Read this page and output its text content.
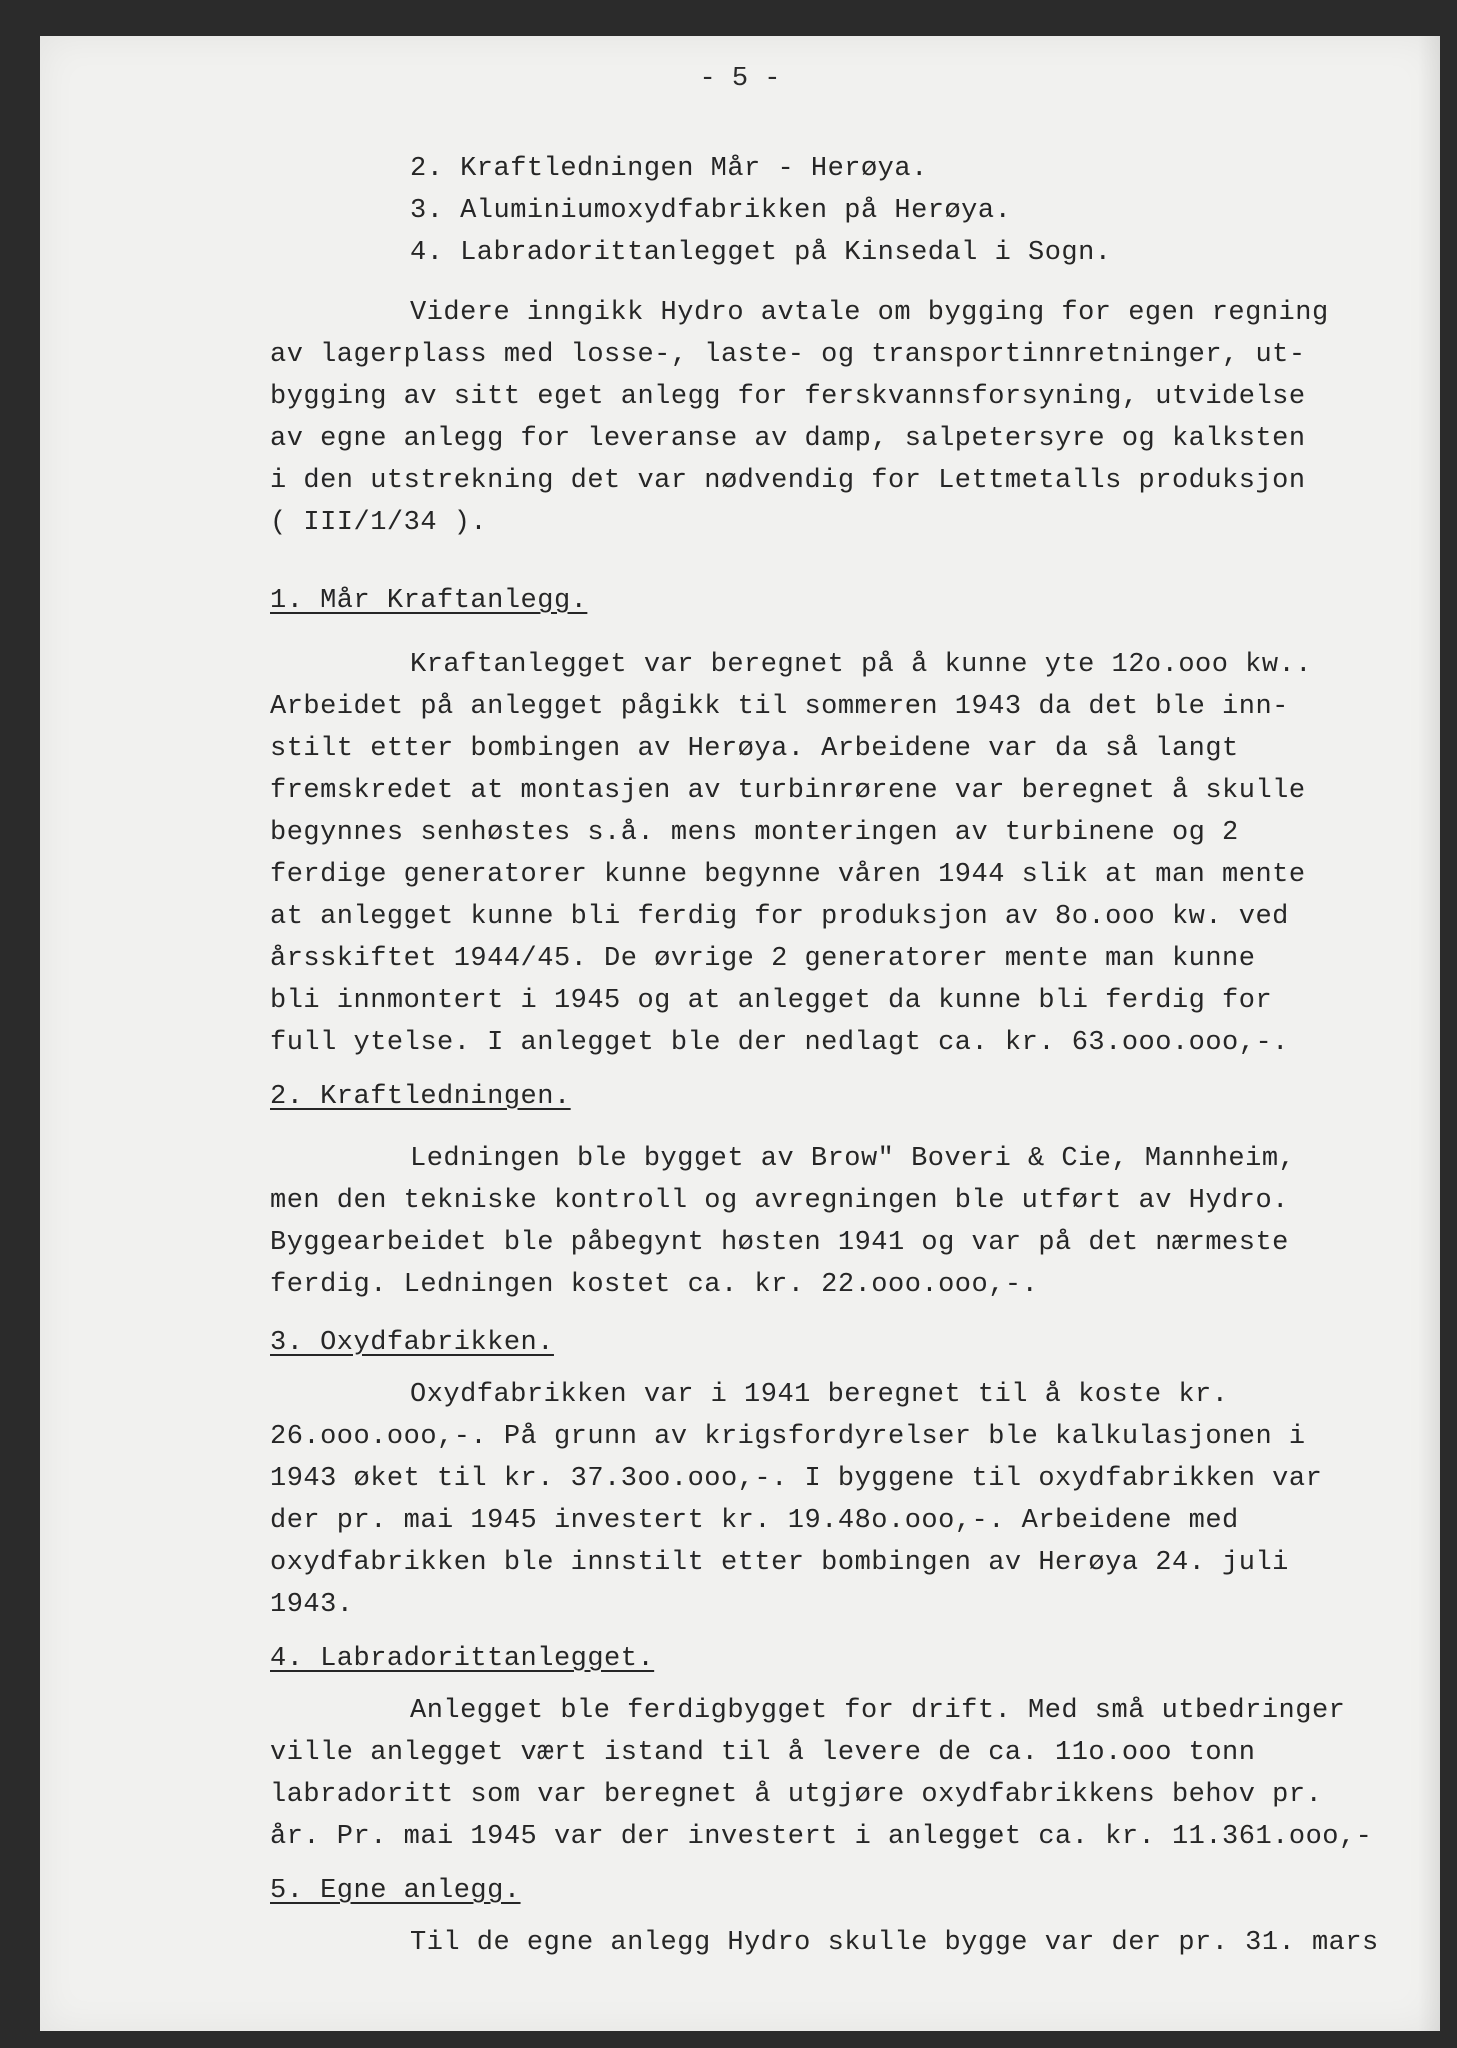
- 5 -
2. Kraftledningen Mår - Herøya.
3. Aluminiumoxydfabrikken på Herøya.
4. Labradorittanlegget på Kinsedal i Sogn.
Videre inngikk Hydro avtale om bygging for egen regning
av lagerplass med losse-, laste- og transportinnretninger, ut-
bygging av sitt eget anlegg for ferskvannsforsyning, utvidelse
av egne anlegg for leveranse av damp, salpetersyre og kalksten
i den utstrekning det var nødvendig for Lettmetalls produksjon
( III/1/34 ).
1. Mår Kraftanlegg.
Kraftanlegget var beregnet på å kunne yte 12o.ooo kw..
Arbeidet på anlegget pågikk til sommeren 1943 da det ble inn-
stilt etter bombingen av Herøya. Arbeidene var da så langt
fremskredet at montasjen av turbinrørene var beregnet å skulle
begynnes senhøstes s.å. mens monteringen av turbinene og 2
ferdige generatorer kunne begynne våren 1944 slik at man mente
at anlegget kunne bli ferdig for produksjon av 8o.ooo kw. ved
årsskiftet 1944/45. De øvrige 2 generatorer mente man kunne
bli innmontert i 1945 og at anlegget da kunne bli ferdig for
full ytelse. I anlegget ble der nedlagt ca. kr. 63.ooo.ooo,-.
2. Kraftledningen.
Ledningen ble bygget av Brow" Boveri & Cie, Mannheim,
men den tekniske kontroll og avregningen ble utført av Hydro.
Byggearbeidet ble påbegynt høsten 1941 og var på det nærmeste
ferdig. Ledningen kostet ca. kr. 22.ooo.ooo,-.
3. Oxydfabrikken.
Oxydfabrikken var i 1941 beregnet til å koste kr.
26.ooo.ooo,-. På grunn av krigsfordyrelser ble kalkulasjonen i
1943 øket til kr. 37.3oo.ooo,-. I byggene til oxydfabrikken var
der pr. mai 1945 investert kr. 19.48o.ooo,-. Arbeidene med
oxydfabrikken ble innstilt etter bombingen av Herøya 24. juli
1943.
4. Labradorittanlegget.
Anlegget ble ferdigbygget for drift. Med små utbedringer
ville anlegget vært istand til å levere de ca. 11o.ooo tonn
labradoritt som var beregnet å utgjøre oxydfabrikkens behov pr.
år. Pr. mai 1945 var der investert i anlegget ca. kr. 11.361.ooo,-
5. Egne anlegg.
Til de egne anlegg Hydro skulle bygge var der pr. 31. mars
